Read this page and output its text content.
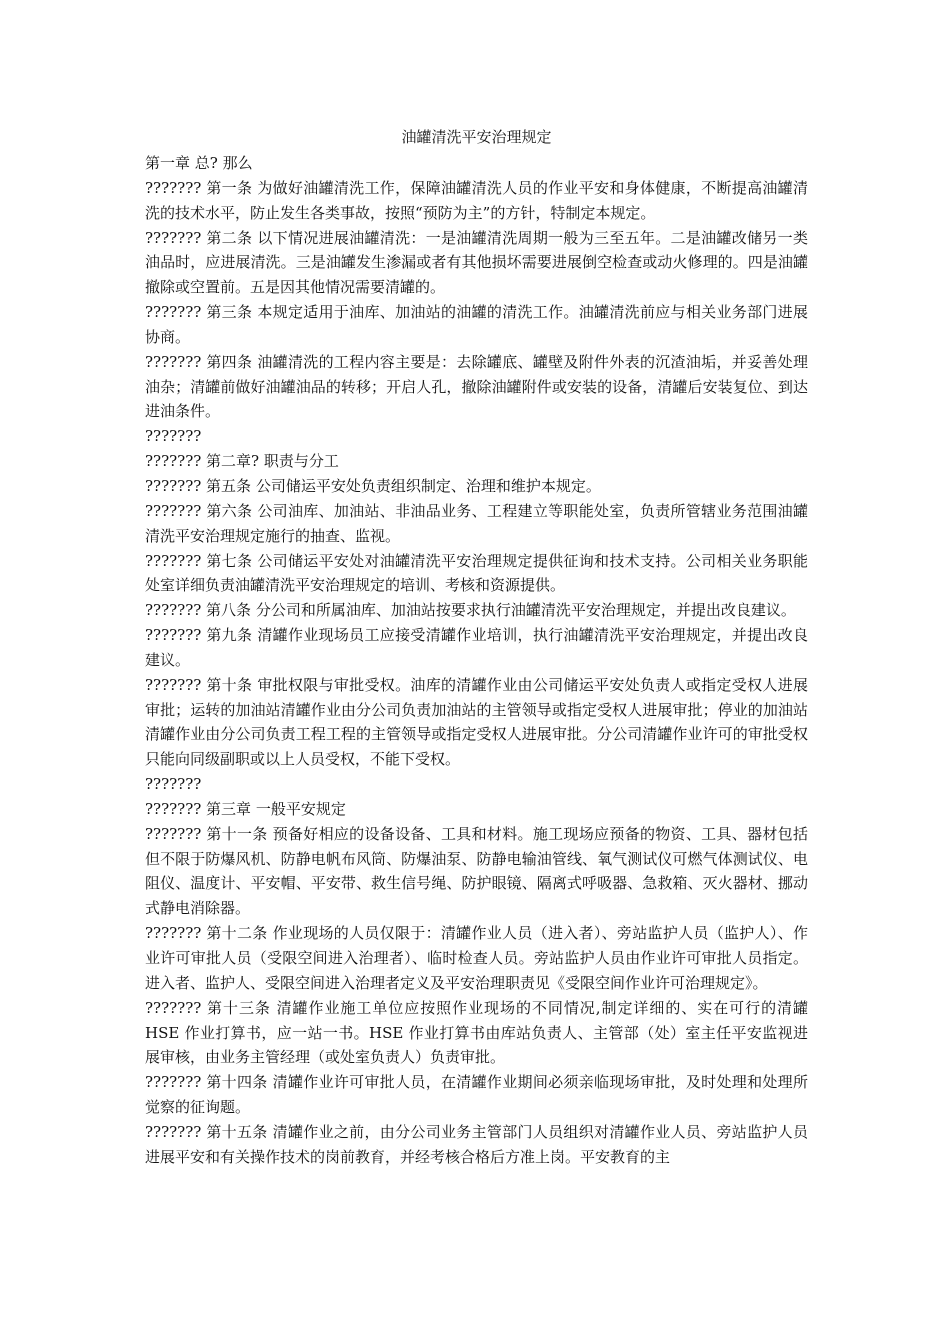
油罐清洗平安治理规定

第一章 总? 那么

??????? 第一条 为做好油罐清洗工作，保障油罐清洗人员的作业平安和身体健康，不断提高油罐清洗的技术水平，防止发生各类事故，按照“预防为主”的方针，特制定本规定。

??????? 第二条 以下情况进展油罐清洗：一是油罐清洗周期一般为三至五年。二是油罐改储另一类油品时，应进展清洗。三是油罐发生渗漏或者有其他损坏需要进展倒空检查或动火修理的。四是油罐撤除或空置前。五是因其他情况需要清罐的。

??????? 第三条 本规定适用于油库、加油站的油罐的清洗工作。油罐清洗前应与相关业务部门进展协商。

??????? 第四条 油罐清洗的工程内容主要是：去除罐底、罐壁及附件外表的沉渣油垢，并妥善处理油杂；清罐前做好油罐油品的转移；开启人孔，撤除油罐附件或安装的设备，清罐后安装复位、到达进油条件。

???????

??????? 第二章? 职责与分工

??????? 第五条 公司储运平安处负责组织制定、治理和维护本规定。

??????? 第六条 公司油库、加油站、非油品业务、工程建立等职能处室，负责所管辖业务范围油罐清洗平安治理规定施行的抽查、监视。

??????? 第七条 公司储运平安处对油罐清洗平安治理规定提供征询和技术支持。公司相关业务职能处室详细负责油罐清洗平安治理规定的培训、考核和资源提供。

??????? 第八条 分公司和所属油库、加油站按要求执行油罐清洗平安治理规定，并提出改良建议。

??????? 第九条 清罐作业现场员工应接受清罐作业培训，执行油罐清洗平安治理规定，并提出改良建议。

??????? 第十条 审批权限与审批受权。油库的清罐作业由公司储运平安处负责人或指定受权人进展审批；运转的加油站清罐作业由分公司负责加油站的主管领导或指定受权人进展审批；停业的加油站清罐作业由分公司负责工程工程的主管领导或指定受权人进展审批。分公司清罐作业许可的审批受权只能向同级副职或以上人员受权，不能下受权。

???????

??????? 第三章 一般平安规定

??????? 第十一条 预备好相应的设备设备、工具和材料。施工现场应预备的物资、工具、器材包括但不限于防爆风机、防静电帆布风筒、防爆油泵、防静电输油管线、氧气测试仪可燃气体测试仪、电阻仪、温度计、平安帽、平安带、救生信号绳、防护眼镜、隔离式呼吸器、急救箱、灭火器材、挪动式静电消除器。

??????? 第十二条 作业现场的人员仅限于：清罐作业人员（进入者）、旁站监护人员（监护人）、作业许可审批人员（受限空间进入治理者）、临时检查人员。旁站监护人员由作业许可审批人员指定。进入者、监护人、受限空间进入治理者定义及平安治理职责见《受限空间作业许可治理规定》。

??????? 第十三条 清罐作业施工单位应按照作业现场的不同情况,制定详细的、实在可行的清罐 HSE 作业打算书，应一站一书。HSE 作业打算书由库站负责人、主管部（处）室主任平安监视进展审核，由业务主管经理（或处室负责人）负责审批。

??????? 第十四条 清罐作业许可审批人员，在清罐作业期间必须亲临现场审批，及时处理和处理所觉察的征询题。

??????? 第十五条 清罐作业之前，由分公司业务主管部门人员组织对清罐作业人员、旁站监护人员进展平安和有关操作技术的岗前教育，并经考核合格后方准上岗。平安教育的主
